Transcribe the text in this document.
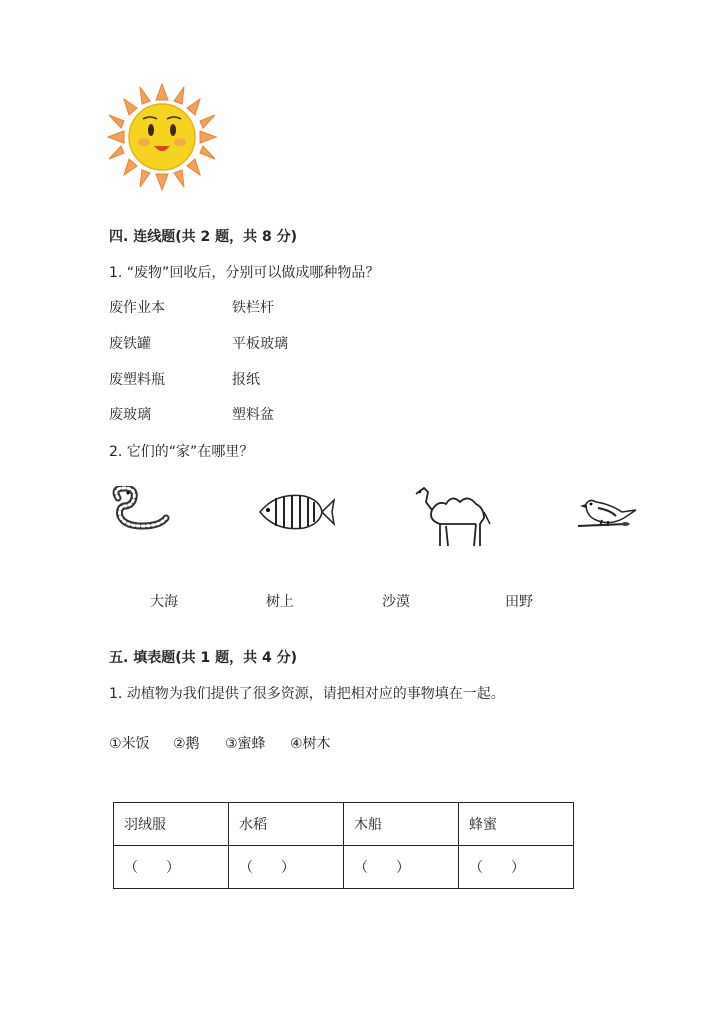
四. 连线题(共 2 题，共 8 分)
1. “废物”回收后，分别可以做成哪种物品？
废作业本	铁栏杆
废铁罐	平板玻璃
废塑料瓶	报纸
废玻璃	塑料盆
2. 它们的“家”在哪里？
大海	树上	沙漠	田野
五. 填表题(共 1 题，共 4 分)
1. 动植物为我们提供了很多资源，请把相对应的事物填在一起。
①米饭 ②鹅 ③蜜蜂 ④树木
羽绒服	水稻	木船	蜂蜜
（　　）	（　　）	（　　）	（　　）
